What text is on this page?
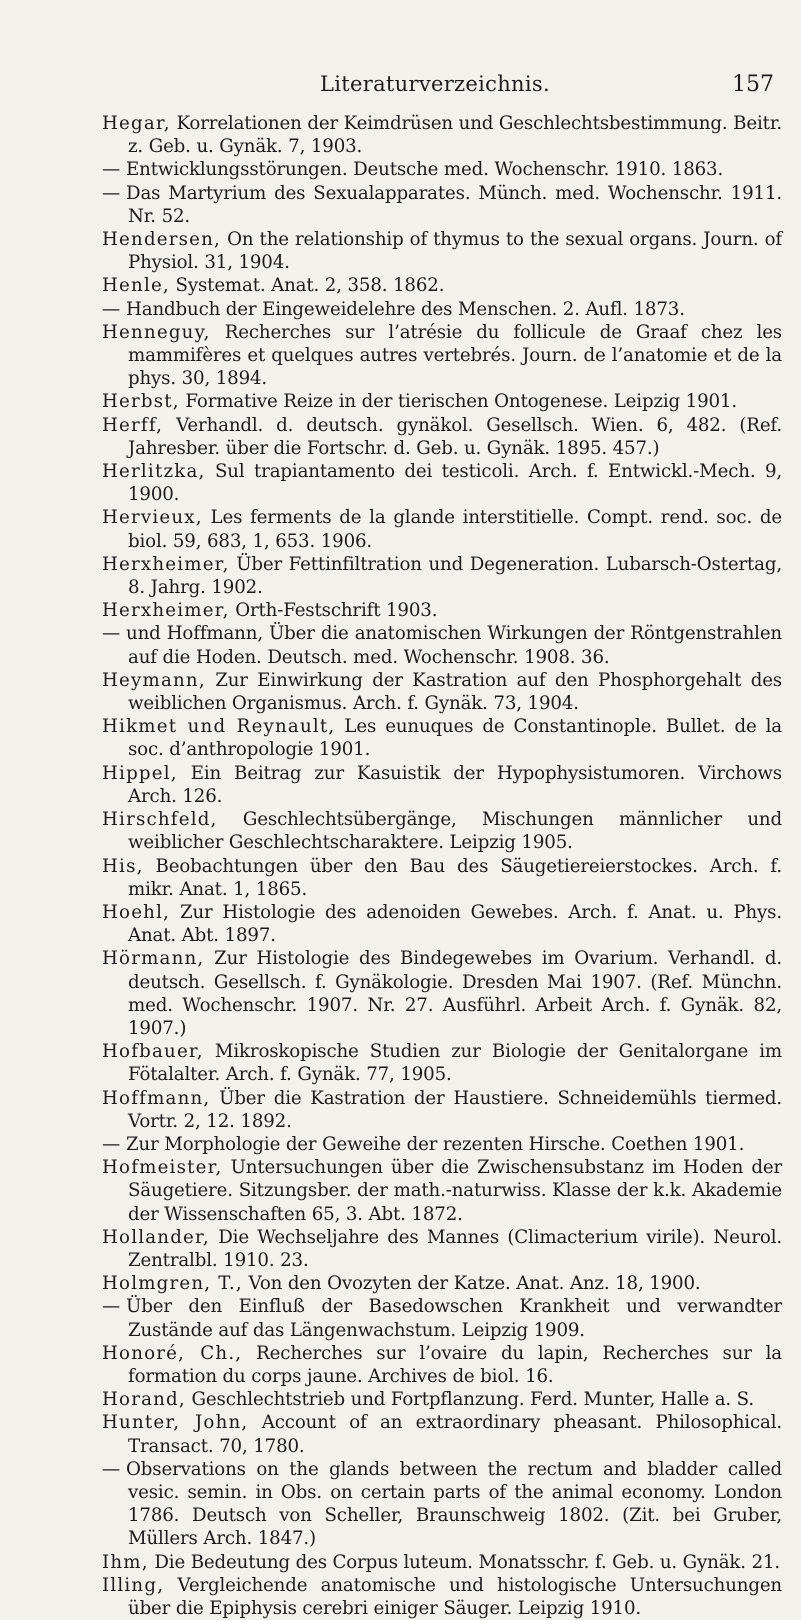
Literaturverzeichnis.	157
Hegar, Korrelationen der Keimdrüsen und Geschlechtsbestimmung. Beitr. z. Geb. u. Gynäk. 7, 1903.
— Entwicklungsstörungen. Deutsche med. Wochenschr. 1910. 1863.
— Das Martyrium des Sexualapparates. Münch. med. Wochenschr. 1911. Nr. 52.
Hendersen, On the relationship of thymus to the sexual organs. Journ. of Physiol. 31, 1904.
Henle, Systemat. Anat. 2, 358. 1862.
— Handbuch der Eingeweidelehre des Menschen. 2. Aufl. 1873.
Henneguy, Recherches sur l’atrésie du follicule de Graaf chez les mammifères et quelques autres vertebrés. Journ. de l’anatomie et de la phys. 30, 1894.
Herbst, Formative Reize in der tierischen Ontogenese. Leipzig 1901.
Herff, Verhandl. d. deutsch. gynäkol. Gesellsch. Wien. 6, 482. (Ref. Jahresber. über die Fortschr. d. Geb. u. Gynäk. 1895. 457.)
Herlitzka, Sul trapiantamento dei testicoli. Arch. f. Entwickl.-Mech. 9, 1900.
Hervieux, Les ferments de la glande interstitielle. Compt. rend. soc. de biol. 59, 683, 1, 653. 1906.
Herxheimer, Über Fettinfiltration und Degeneration. Lubarsch-Ostertag, 8. Jahrg. 1902.
Herxheimer, Orth-Festschrift 1903.
— und Hoffmann, Über die anatomischen Wirkungen der Röntgenstrahlen auf die Hoden. Deutsch. med. Wochenschr. 1908. 36.
Heymann, Zur Einwirkung der Kastration auf den Phosphorgehalt des weiblichen Organismus. Arch. f. Gynäk. 73, 1904.
Hikmet und Reynault, Les eunuques de Constantinople. Bullet. de la soc. d’anthropologie 1901.
Hippel, Ein Beitrag zur Kasuistik der Hypophysistumoren. Virchows Arch. 126.
Hirschfeld, Geschlechtsübergänge, Mischungen männlicher und weiblicher Geschlechtscharaktere. Leipzig 1905.
His, Beobachtungen über den Bau des Säugetiereierstockes. Arch. f. mikr. Anat. 1, 1865.
Hoehl, Zur Histologie des adenoiden Gewebes. Arch. f. Anat. u. Phys. Anat. Abt. 1897.
Hörmann, Zur Histologie des Bindegewebes im Ovarium. Verhandl. d. deutsch. Gesellsch. f. Gynäkologie. Dresden Mai 1907. (Ref. Münchn. med. Wochenschr. 1907. Nr. 27. Ausführl. Arbeit Arch. f. Gynäk. 82, 1907.)
Hofbauer, Mikroskopische Studien zur Biologie der Genitalorgane im Fötalalter. Arch. f. Gynäk. 77, 1905.
Hoffmann, Über die Kastration der Haustiere. Schneidemühls tiermed. Vortr. 2, 12. 1892.
— Zur Morphologie der Geweihe der rezenten Hirsche. Coethen 1901.
Hofmeister, Untersuchungen über die Zwischensubstanz im Hoden der Säugetiere. Sitzungsber. der math.-naturwiss. Klasse der k.k. Akademie der Wissenschaften 65, 3. Abt. 1872.
Hollander, Die Wechseljahre des Mannes (Climacterium virile). Neurol. Zentralbl. 1910. 23.
Holmgren, T., Von den Ovozyten der Katze. Anat. Anz. 18, 1900.
— Über den Einfluß der Basedowschen Krankheit und verwandter Zustände auf das Längenwachstum. Leipzig 1909.
Honoré, Ch., Recherches sur l’ovaire du lapin, Recherches sur la formation du corps jaune. Archives de biol. 16.
Horand, Geschlechtstrieb und Fortpflanzung. Ferd. Munter, Halle a. S.
Hunter, John, Account of an extraordinary pheasant. Philosophical. Transact. 70, 1780.
— Observations on the glands between the rectum and bladder called vesic. semin. in Obs. on certain parts of the animal economy. London 1786. Deutsch von Scheller, Braunschweig 1802. (Zit. bei Gruber, Müllers Arch. 1847.)
Ihm, Die Bedeutung des Corpus luteum. Monatsschr. f. Geb. u. Gynäk. 21.
Illing, Vergleichende anatomische und histologische Untersuchungen über die Epiphysis cerebri einiger Säuger. Leipzig 1910.
